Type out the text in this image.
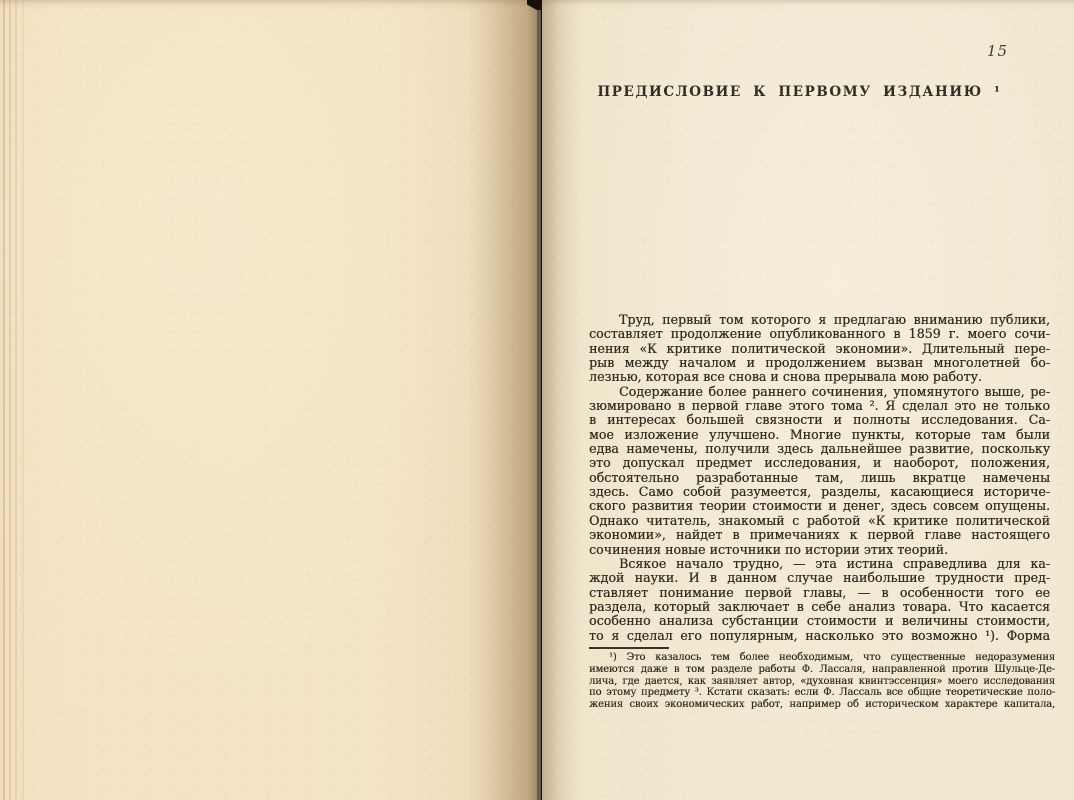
15
ПРЕДИСЛОВИЕ К ПЕРВОМУ ИЗДАНИЮ ¹
Труд, первый том которого я предлагаю вниманию публики,
составляет продолжение опубликованного в 1859 г. моего сочи-
нения «К критике политической экономии». Длительный пере-
рыв между началом и продолжением вызван многолетней бо-
лезнью, которая все снова и снова прерывала мою работу.
Содержание более раннего сочинения, упомянутого выше, ре-
зюмировано в первой главе этого тома ². Я сделал это не только
в интересах большей связности и полноты исследования. Са-
мое изложение улучшено. Многие пункты, которые там были
едва намечены, получили здесь дальнейшее развитие, поскольку
это допускал предмет исследования, и наоборот, положения,
обстоятельно разработанные там, лишь вкратце намечены
здесь. Само собой разумеется, разделы, касающиеся историче-
ского развития теории стоимости и денег, здесь совсем опущены.
Однако читатель, знакомый с работой «К критике политической
экономии», найдет в примечаниях к первой главе настоящего
сочинения новые источники по истории этих теорий.
Всякое начало трудно, — эта истина справедлива для ка-
ждой науки. И в данном случае наибольшие трудности пред-
ставляет понимание первой главы, — в особенности того ее
раздела, который заключает в себе анализ товара. Что касается
особенно анализа субстанции стоимости и величины стоимости,
то я сделал его популярным, насколько это возможно ¹). Форма
¹) Это казалось тем более необходимым, что существенные недоразумения
имеются даже в том разделе работы Ф. Лассаля, направленной против Шульце-Де-
лича, где дается, как заявляет автор, «духовная квинтэссенция» моего исследования
по этому предмету ³. Кстати сказать: если Ф. Лассаль все общие теоретические поло-
жения своих экономических работ, например об историческом характере капитала,
